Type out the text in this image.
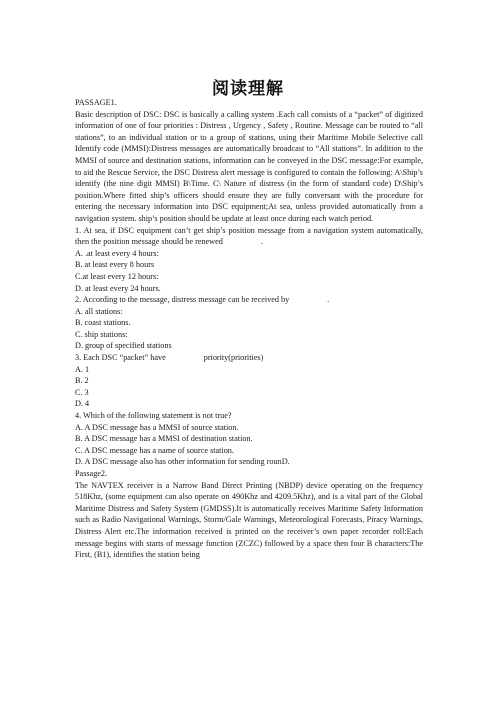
阅读理解

PASSAGE1.

Basic description of DSC: DSC is basically a calling system .Each call consists of a “packet” of digitized information of one of four priorities : Distress , Urgency , Safety , Routine. Message can be routed to “all stations”, to an individual station or to a group of stations, using their Maritime Mobile Selective call Identify code (MMSI):Distress messages are automatically broadcast to “All stations”. In addition to the MMSI of source and destination stations, information can be conveyed in the DSC message:For example, to aid the Rescue Service, the DSC Distress alert message is configured to contain the following: A\Ship’s identify (the nine digit MMSI) B\Time. C\ Nature of distress (in the form of standard code) D\Ship’s position.Where fitted ship’s officers should ensure they are fully conversant with the procedure for entering the necessary information into DSC equipment;At sea, unless provided automatically from a navigation system. ship’s position should be update at least once during each watch period.

1. At sea, if DSC equipment can’t get ship’s position message from a navigation system automatically, then the position message should be renewed	.

A. .at least every 4 hours:

B. at least every 8 hours

C.at least every 12 hours:

D. at least every 24 hours.

2. According to the message, distress message can be received by	.

A. all stations:

B. coast stations.

C. ship stations:

D. group of specified stations

3. Each DSC “packet” have	priority(priorities)

A. 1

B. 2

C. 3

D. 4

4. Which of the following statement is not true?

A. A DSC message has a MMSI of source station.

B. A DSC message has a MMSI of destination station.

C. A DSC message has a name of source station.

D. A DSC message also has other information for sending rounD.

Passage2.

The NAVTEX receiver is a Narrow Band Direct Printing (NBDP) device operating on the frequency 518Khz, (some equipment can also operate on 490Khz and 4209.5Khz), and is a vital part of the Global Maritime Distress and Safety System (GMDSS).It is automatically receives Maritime Safety Information such as Radio Navigational Warnings, Storm/Gale Warnings, Meteorological Forecasts, Piracy Warnings, Distress Alert etc.The information received is printed on the receiver’s own paper recorder roll:Each message begins with starts of message function (ZCZC) followed by a space then four B characters:The First, (B1), identifies the station being
